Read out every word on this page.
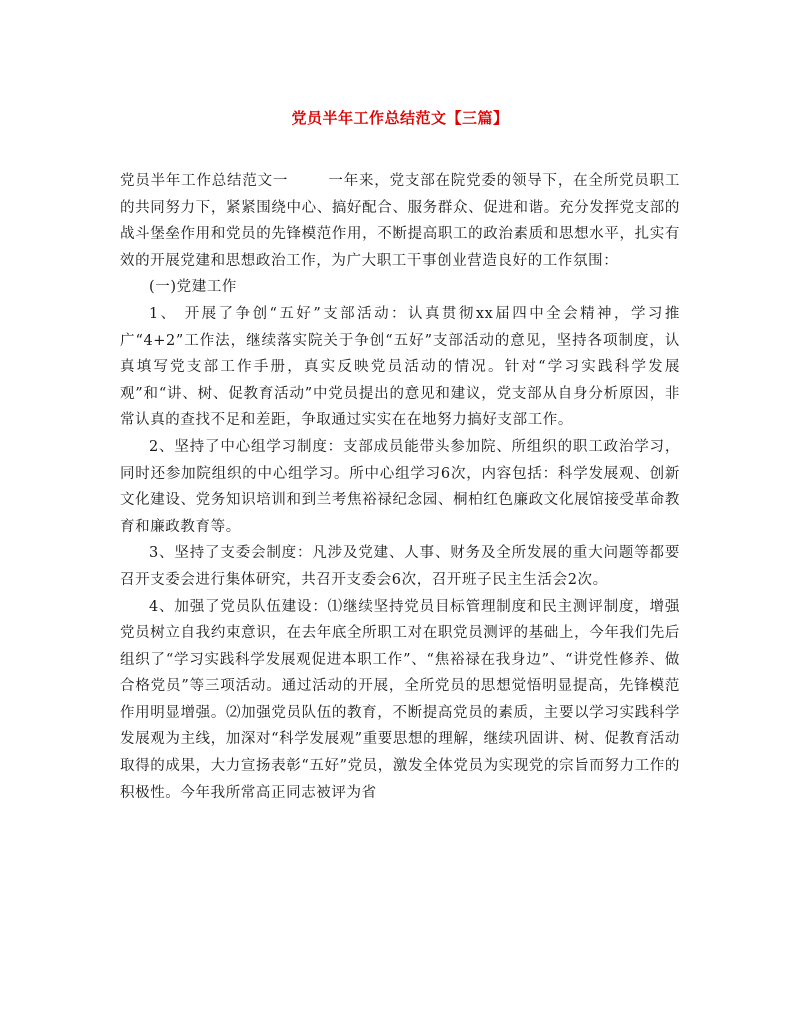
党员半年工作总结范文【三篇】

党员半年工作总结范文一	一年来，党支部在院党委的领导下，在全所党员职工的共同努力下，紧紧围绕中心、搞好配合、服务群众、促进和谐。充分发挥党支部的战斗堡垒作用和党员的先锋模范作用，不断提高职工的政治素质和思想水平，扎实有效的开展党建和思想政治工作，为广大职工干事创业营造良好的工作氛围：

(一)党建工作

1、 开展了争创“五好”支部活动：认真贯彻xx届四中全会精神，学习推广“4+2”工作法，继续落实院关于争创“五好”支部活动的意见，坚持各项制度，认真填写党支部工作手册，真实反映党员活动的情况。针对“学习实践科学发展观”和“讲、树、促教育活动”中党员提出的意见和建议，党支部从自身分析原因，非常认真的查找不足和差距，争取通过实实在在地努力搞好支部工作。

2、坚持了中心组学习制度：支部成员能带头参加院、所组织的职工政治学习，同时还参加院组织的中心组学习。所中心组学习6次，内容包括：科学发展观、创新文化建设、党务知识培训和到兰考焦裕禄纪念园、桐柏红色廉政文化展馆接受革命教育和廉政教育等。

3、坚持了支委会制度：凡涉及党建、人事、财务及全所发展的重大问题等都要召开支委会进行集体研究，共召开支委会6次，召开班子民主生活会2次。

4、加强了党员队伍建设：⑴继续坚持党员目标管理制度和民主测评制度，增强党员树立自我约束意识，在去年底全所职工对在职党员测评的基础上，今年我们先后组织了“学习实践科学发展观促进本职工作”、“焦裕禄在我身边”、“讲党性修养、做合格党员”等三项活动。通过活动的开展，全所党员的思想觉悟明显提高，先锋模范作用明显增强。⑵加强党员队伍的教育，不断提高党员的素质，主要以学习实践科学发展观为主线，加深对“科学发展观”重要思想的理解，继续巩固讲、树、促教育活动取得的成果，大力宣扬表彰“五好”党员，激发全体党员为实现党的宗旨而努力工作的积极性。今年我所常高正同志被评为省
